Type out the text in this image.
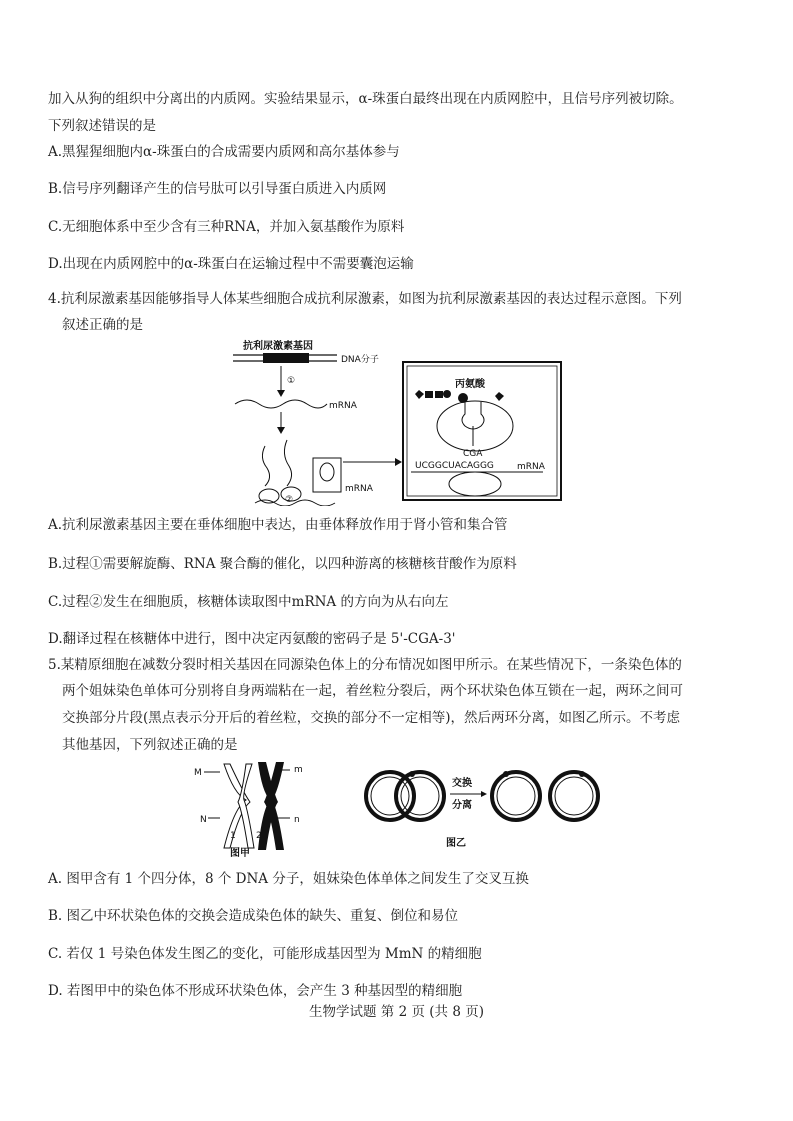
加入从狗的组织中分离出的内质网。实验结果显示，α-珠蛋白最终出现在内质网腔中，且信号序列被切除。
下列叙述错误的是
A.黑猩猩细胞内α-珠蛋白的合成需要内质网和高尔基体参与
B.信号序列翻译产生的信号肽可以引导蛋白质进入内质网
C.无细胞体系中至少含有三种RNA，并加入氨基酸作为原料
D.出现在内质网腔中的α-珠蛋白在运输过程中不需要囊泡运输
4.抗利尿激素基因能够指导人体某些细胞合成抗利尿激素，如图为抗利尿激素基因的表达过程示意图。下列
叙述正确的是
抗利尿激素基因
DNA分子
①
mRNA
②
mRNA
丙氨酸
CGA
UCGGCUACAGGG	mRNA
A.抗利尿激素基因主要在垂体细胞中表达，由垂体释放作用于肾小管和集合管
B.过程①需要解旋酶、RNA 聚合酶的催化，以四种游离的核糖核苷酸作为原料
C.过程②发生在细胞质，核糖体读取图中mRNA 的方向为从右向左
D.翻译过程在核糖体中进行，图中决定丙氨酸的密码子是 5'-CGA-3'
5.某精原细胞在减数分裂时相关基因在同源染色体上的分布情况如图甲所示。在某些情况下，一条染色体的
两个姐妹染色单体可分别将自身两端粘在一起，着丝粒分裂后，两个环状染色体互锁在一起，两环之间可
交换部分片段(黑点表示分开后的着丝粒，交换的部分不一定相等)，然后两环分离，如图乙所示。不考虑
其他基因，下列叙述正确的是
M
N
m
n
1 2
图甲
交换
分离
图乙
A. 图甲含有 1 个四分体，8 个 DNA 分子，姐妹染色体单体之间发生了交叉互换
B. 图乙中环状染色体的交换会造成染色体的缺失、重复、倒位和易位
C. 若仅 1 号染色体发生图乙的变化，可能形成基因型为 MmN 的精细胞
D. 若图甲中的染色体不形成环状染色体，会产生 3 种基因型的精细胞
生物学试题 第 2 页 (共 8 页)
